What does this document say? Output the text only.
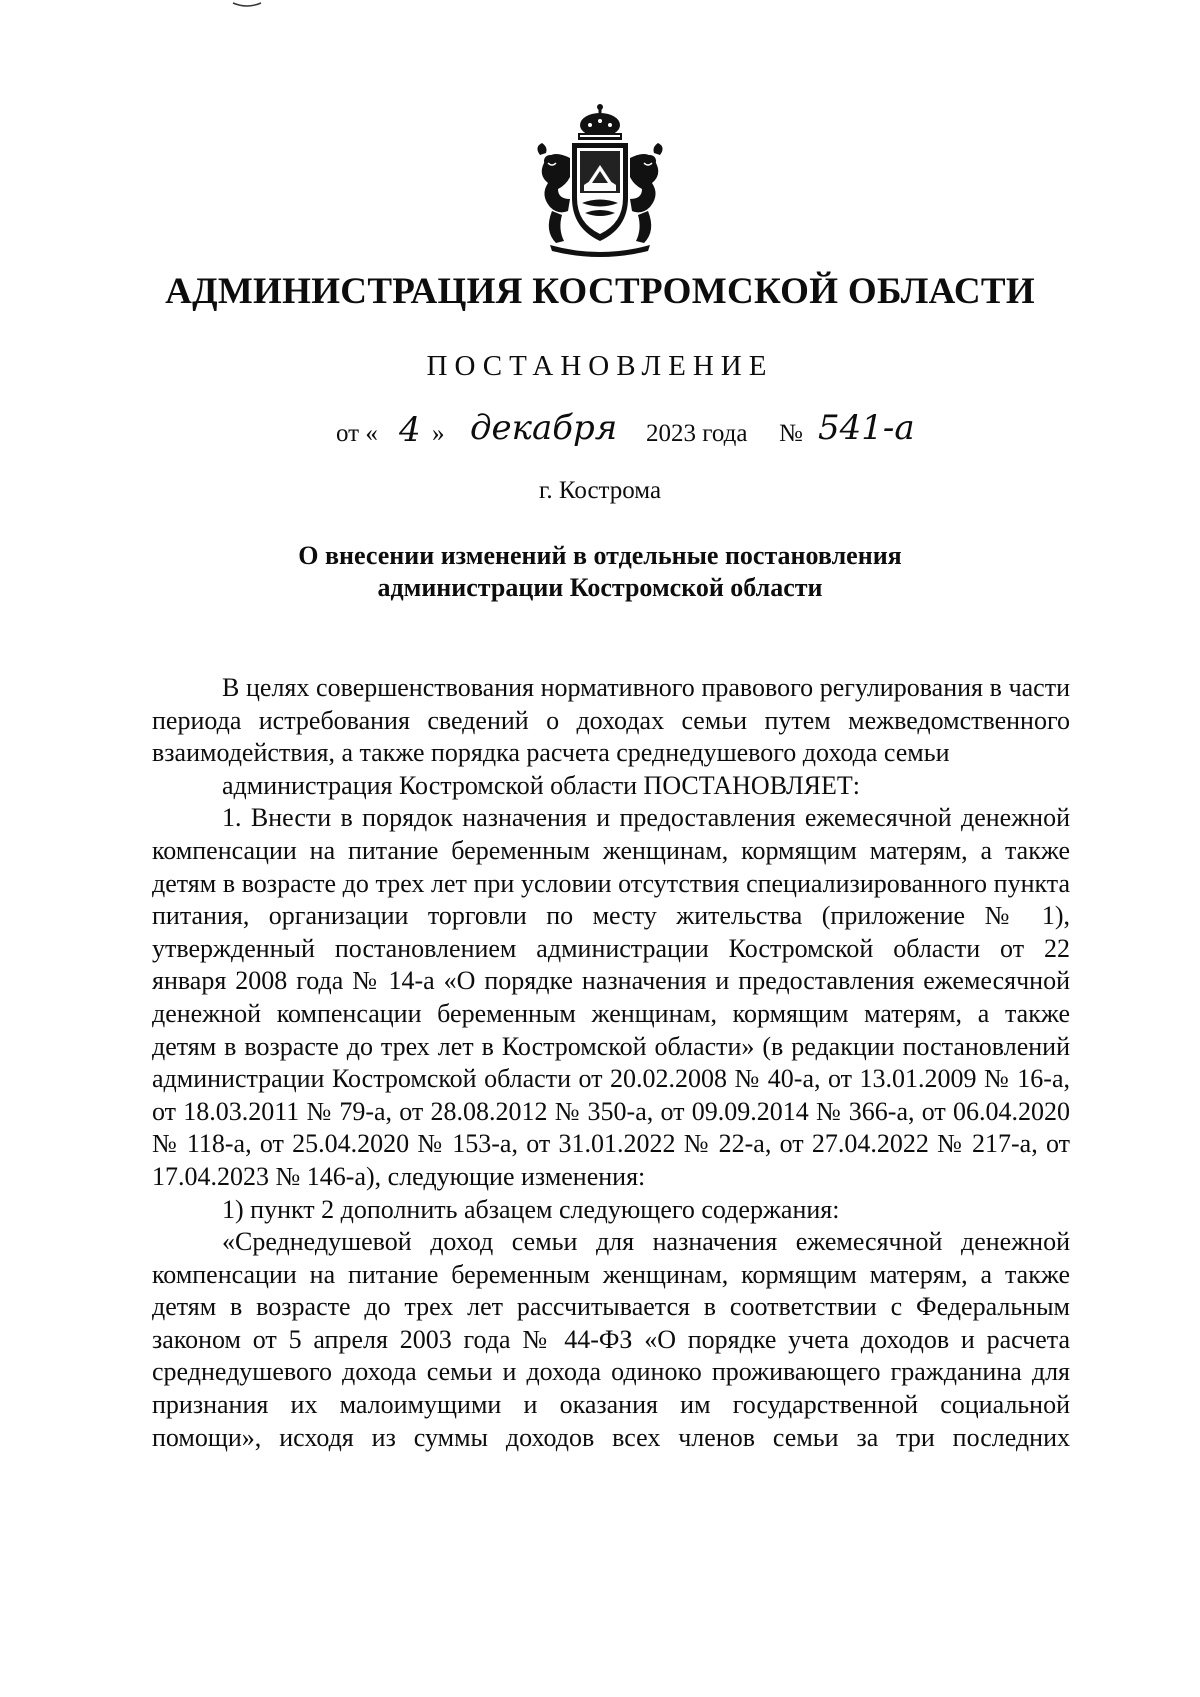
АДМИНИСТРАЦИЯ КОСТРОМСКОЙ ОБЛАСТИ
ПОСТАНОВЛЕНИЕ
от « 4 » декабря 2023 года № 541-а
г. Кострома
О внесении изменений в отдельные постановления
администрации Костромской области

В целях совершенствования нормативного правового регулирования в части периода истребования сведений о доходах семьи путем межведомственного взаимодействия, а также порядка расчета среднедушевого дохода семьи

администрация Костромской области ПОСТАНОВЛЯЕТ:

1. Внести в порядок назначения и предоставления ежемесячной денежной компенсации на питание беременным женщинам, кормящим матерям, а также детям в возрасте до трех лет при условии отсутствия специализированного пункта питания, организации торговли по месту жительства (приложение № 1), утвержденный постановлением администрации Костромской области от 22 января 2008 года № 14-а «О порядке назначения и предоставления ежемесячной денежной компенсации беременным женщинам, кормящим матерям, а также детям в возрасте до трех лет в Костромской области» (в редакции постановлений администрации Костромской области от 20.02.2008 № 40-а, от 13.01.2009 № 16-а, от 18.03.2011 № 79-а, от 28.08.2012 № 350-а, от 09.09.2014 № 366-а, от 06.04.2020 № 118-а, от 25.04.2020 № 153-а, от 31.01.2022 № 22-а, от 27.04.2022 № 217-а, от 17.04.2023 № 146-а), следующие изменения:

1) пункт 2 дополнить абзацем следующего содержания:

«Среднедушевой доход семьи для назначения ежемесячной денежной компенсации на питание беременным женщинам, кормящим матерям, а также детям в возрасте до трех лет рассчитывается в соответствии с Федеральным законом от 5 апреля 2003 года № 44-ФЗ «О порядке учета доходов и расчета среднедушевого дохода семьи и дохода одиноко проживающего гражданина для признания их малоимущими и оказания им государственной социальной помощи», исходя из суммы доходов всех членов семьи за три последних
